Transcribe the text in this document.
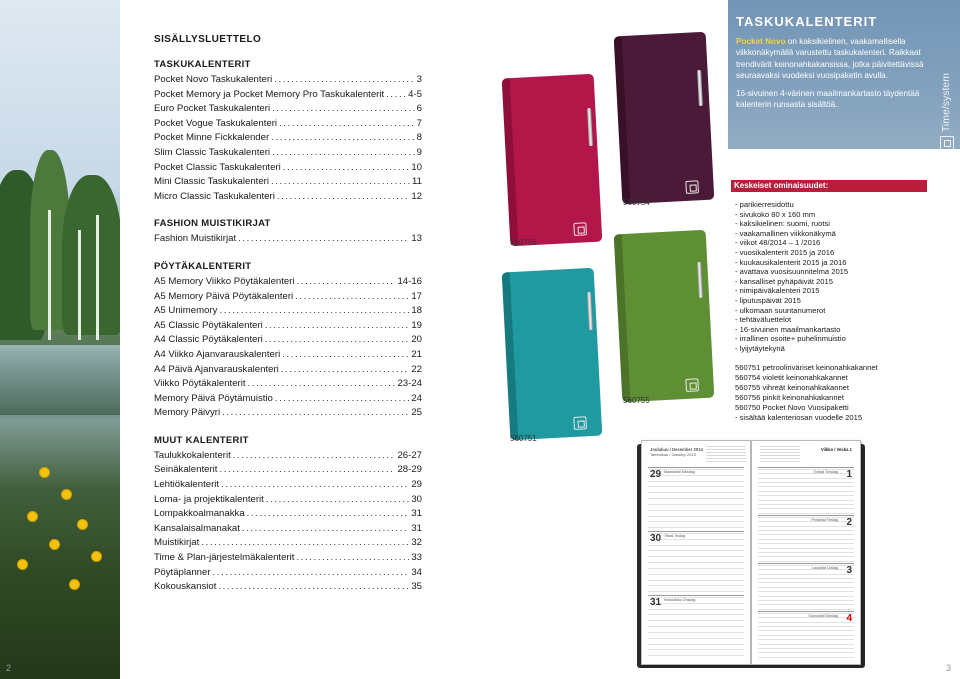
SISÄLLYSLUETTELO
TASKUKALENTERIT
Pocket Novo Taskukalenteri .....	3
Pocket Memory ja Pocket Memory Pro Taskukalenterit ..... 4-5
Euro Pocket Taskukalenteri .....	6
Pocket Vogue Taskukalenteri .....	7
Pocket Minne Fickkalender .....	8
Slim Classic Taskukalenteri .....	9
Pocket Classic Taskukalenteri .....	10
Mini Classic Taskukalenteri .....	11
Micro Classic Taskukalenteri .....	12
FASHION MUISTIKIRJAT
Fashion Muistikirjat .....	13
PÖYTÄKALENTERIT
A5 Memory Viikko Pöytäkalenteri .....	14-16
A5 Memory Päivä Pöytäkalenteri .....	17
A5 Unimemory .....	18
A5 Classic Pöytäkalenteri .....	19
A4 Classic Pöytäkalenteri .....	20
A4 Viikko Ajanvarauskalenteri .....	21
A4 Päivä Ajanvarauskalenteri .....	22
Viikko Pöytäkalenterit .....	23-24
Memory Päivä Pöytämuistio .....	24
Memory Päivyri .....	25
MUUT KALENTERIT
Taulukkokalenterit .....	26-27
Seinäkalenterit .....	28-29
Lehtiökalenterit .....	29
Loma- ja projektikalenterit .....	30
Lompakkoalmanakka .....	31
Kansalaisalmanakat .....	31
Muistikirjat .....	32
Time & Plan-järjestelmäkalenterit .....	33
Pöytäplanner .....	34
Kokouskansiot .....	35
560756
560754
560751
560755
TASKUKALENTERIT

Pocket Novo on kaksikielinen, vaakamallisella viikkonäkymällä varustettu taskukalenteri. Raikkaat trendivärit keinonahkakansissa, jotka päivitettävissä seuraavaksi vuodeksi vuosipaketin avulla.

16-sivuinen 4-värinen maailmankartasto täydentää kalenterin runsasta sisältöä.	Time/system
Keskeiset ominaisuudet:
- parikierresidottu
- sivukoko 80 x 160 mm
- kaksikielinen: suomi, ruotsi
- vaakamallinen viikkonäkymä
- viikot 48/2014 – 1 /2016
- vuosikalenterit 2015 ja 2016
- kuukausikalenterit 2015 ja 2016
- avattava vuosisuunnitelma 2015
- kansalliset pyhäpäivät 2015
- nimipäiväkalenteri 2015
- liputuspäivät 2015
- ulkomaan suuntanumerot
- tehtäväluettelot
- 16-sivuinen maailmankartasto
- irrallinen osoite+ puhelinmuistio
- lyijytäytekynä
560751 petroolinväriset keinonahkakannet
560754 violetit keinonahkakannet
560755 vihreät keinonahkakannet
560756 pinkit keinonahkakannet
560750 Pocket Novo Vuosipaketti
- sisältää kalenteriosan vuodelle 2015
Joulukuu / December 2014
Tammikuu / January 2015
29 Maanantai Måndag
30 Tiistai Tisdag
31 Keskiviikko Onsdag
Viikko / Vecka 1
1
Torstai Torsdag
2
Perjantai Fredag
3
Lauantai Lördag
4
Sunnuntai Söndag
2	3
